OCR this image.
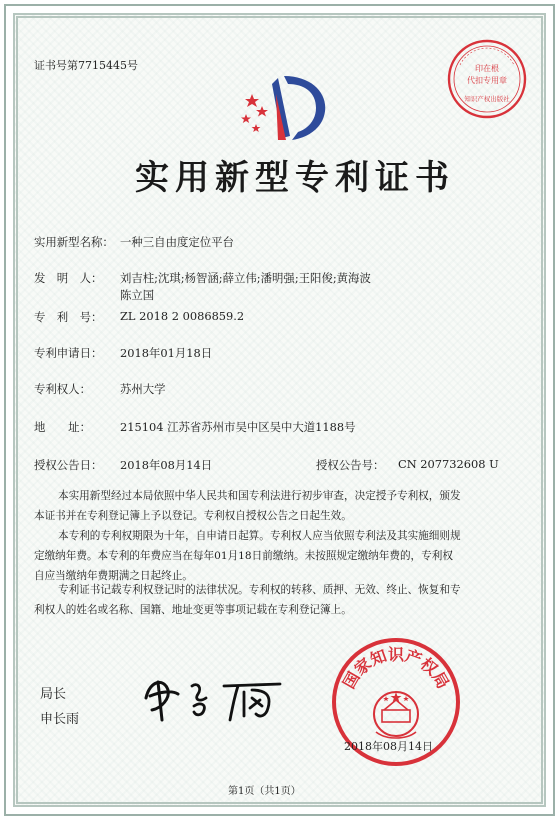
证书号第7715445号	印在根
代扣专用章
知识产权出版社
实用新型专利证书
实用新型名称： 一种三自由度定位平台
发　明　人： 刘吉柱;沈琪;杨智涵;薛立伟;潘明强;王阳俊;黄海波
陈立国
专　利　号： ZL 2018 2 0086859.2
专利申请日： 2018年01月18日
专利权人：	苏州大学
地　　址：	215104 江苏省苏州市吴中区吴中大道1188号
授权公告日： 2018年08月14日	授权公告号： CN 207732608 U
本实用新型经过本局依照中华人民共和国专利法进行初步审查，决定授予专利权，颁发
本证书并在专利登记簿上予以登记。专利权自授权公告之日起生效。
本专利的专利权期限为十年，自申请日起算。专利权人应当依照专利法及其实施细则规
定缴纳年费。本专利的年费应当在每年01月18日前缴纳。未按照规定缴纳年费的，专利权
自应当缴纳年费期满之日起终止。
专利证书记载专利权登记时的法律状况。专利权的转移、质押、无效、终止、恢复和专
利权人的姓名或名称、国籍、地址变更等事项记载在专利登记簿上。
局长
申长雨
国家知识产权局
2018年08月14日
第1页（共1页）
